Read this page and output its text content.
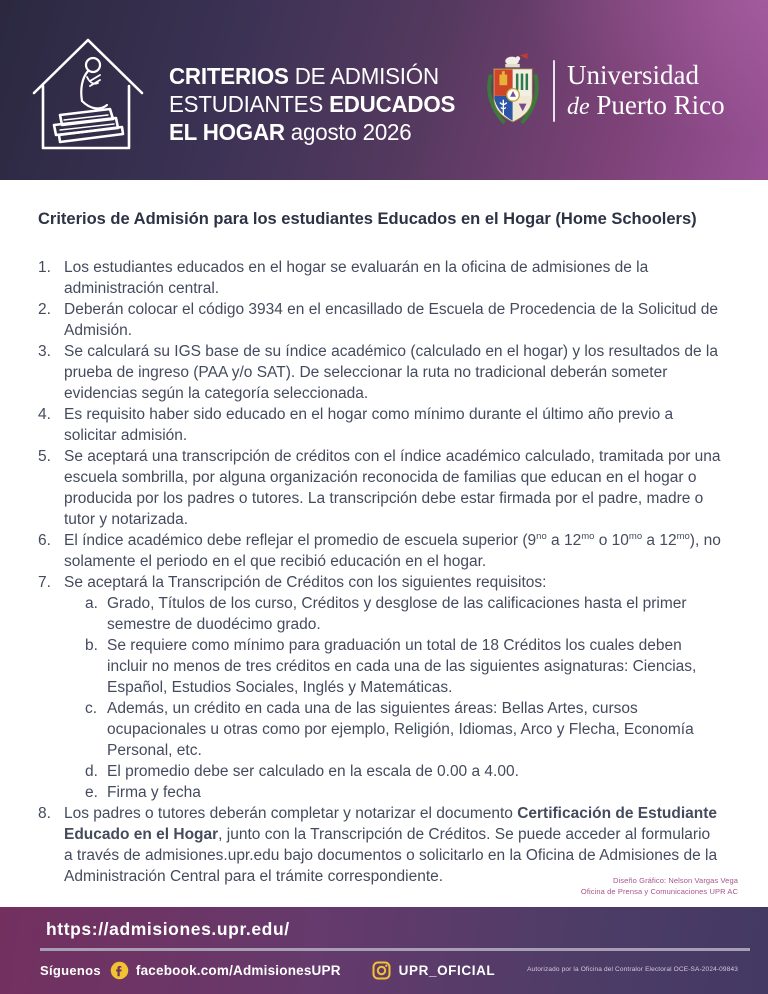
CRITERIOS DE ADMISIÓN
ESTUDIANTES EDUCADOS
EL HOGAR agosto 2026
Universidad
de Puerto Rico
Criterios de Admisión para los estudiantes Educados en el Hogar (Home Schoolers)
1. Los estudiantes educados en el hogar se evaluarán en la oficina de admisiones de la administración central.

2. Deberán colocar el código 3934 en el encasillado de Escuela de Procedencia de la Solicitud de Admisión.

3. Se calculará su IGS base de su índice académico (calculado en el hogar) y los resultados de la prueba de ingreso (PAA y/o SAT). De seleccionar la ruta no tradicional deberán someter evidencias según la categoría seleccionada.

4. Es requisito haber sido educado en el hogar como mínimo durante el último año previo a solicitar admisión.

5. Se aceptará una transcripción de créditos con el índice académico calculado, tramitada por una escuela sombrilla, por alguna organización reconocida de familias que educan en el hogar o producida por los padres o tutores. La transcripción debe estar firmada por el padre, madre o tutor y notarizada.

6. El índice académico debe reflejar el promedio de escuela superior ($9^{no}$ a $12^{mo}$ o $10^{mo}$ a $12^{mo}$), no solamente el periodo en el que recibió educación en el hogar.

7. Se aceptará la Transcripción de Créditos con los siguientes requisitos:

a. Grado, Títulos de los curso, Créditos y desglose de las calificaciones hasta el primer semestre de duodécimo grado.

b. Se requiere como mínimo para graduación un total de 18 Créditos los cuales deben incluir no menos de tres créditos en cada una de las siguientes asignaturas: Ciencias, Español, Estudios Sociales, Inglés y Matemáticas.

c. Además, un crédito en cada una de las siguientes áreas: Bellas Artes, cursos ocupacionales u otras como por ejemplo, Religión, Idiomas, Arco y Flecha, Economía Personal, etc.

d. El promedio debe ser calculado en la escala de 0.00 a 4.00.

e. Firma y fecha

8. Los padres o tutores deberán completar y notarizar el documento Certificación de Estudiante Educado en el Hogar, junto con la Transcripción de Créditos. Se puede acceder al formulario a través de admisiones.upr.edu bajo documentos o solicitarlo en la Oficina de Admisiones de la Administración Central para el trámite correspondiente.	Diseño Gráfico: Nelson Vargas Vega
Oficina de Prensa y Comunicaciones UPR AC
https://admisiones.upr.edu/
Síguenos	facebook.com/AdmisionesUPR	UPR_OFICIAL	Autorizado por la Oficina del Contralor Electoral OCE-SA-2024-09843
